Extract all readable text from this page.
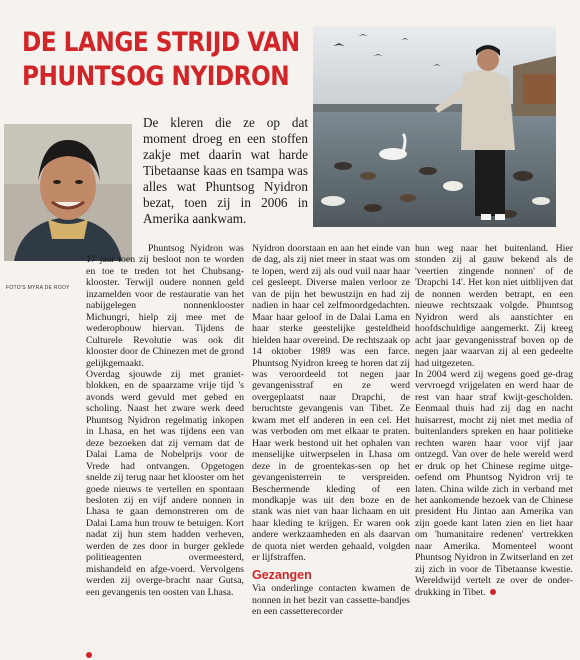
DE LANGE STRIJD VAN
PHUNTSOG NYIDRON

FOTO'S MYRA DE ROOY

De kleren die ze op dat moment droeg en een stoffen zakje met daarin wat harde Tibetaanse kaas en tsampa was alles wat Phuntsog Nyidron bezat, toen zij in 2006 in Amerika aankwam.

Phuntsog Nyidron was 17 jaar toen zij besloot non te worden en toe te treden tot het Chubsang-klooster. Terwijl oudere nonnen geld inzamelden voor de restauratie van het nabijgelegen nonnenklooster Michungri, hielp zij mee met de wederopbouw hiervan. Tijdens de Culturele Revolutie was ook dit klooster door de Chinezen met de grond gelijkgemaakt.

Overdag sjouwde zij met graniet-blokken, en de spaarzame vrije tijd 's avonds werd gevuld met gebed en scholing. Naast het zware werk deed Phuntsog Nyidron regelmatig inkopen in Lhasa, en het was tijdens een van deze bezoeken dat zij vernam dat de Dalai Lama de Nobelprijs voor de Vrede had ontvangen. Opgetogen snelde zij terug naar het klooster om het goede nieuws te vertellen en spontaan besloten zij en vijf andere nonnen in Lhasa te gaan demonstreren om de Dalai Lama hun trouw te betuigen. Kort nadat zij hun stem hadden verheven, werden de zes door in burger geklede politieagenten overmeesterd, mishandeld en afge-voerd. Vervolgens werden zij overge-bracht naar Gutsa, een gevangenis ten oosten van Lhasa.

Nyidron doorstaan en aan het einde van de dag, als zij niet meer in staat was om te lopen, werd zij als oud vuil naar haar cel gesleept. Diverse malen verloor ze van de pijn het bewustzijn en had zij nadien in haar cel zelfmoordgedachten. Maar haar geloof in de Dalai Lama en haar sterke geestelijke gesteldheid hielden haar overeind. De rechtszaak op 14 oktober 1989 was een farce. Phuntsog Nyidron kreeg te horen dat zij was veroordeeld tot negen jaar gevangenisstraf en ze werd overgeplaatst naar Drapchi, de beruchtste gevangenis van Tibet. Ze kwam met elf anderen in een cel. Het was verboden om met elkaar te praten. Haar werk bestond uit het ophalen van menselijke uitwerpselen in Lhasa om deze in de groentekas-sen op het gevangenisterrein te verspreiden. Beschermende kleding of een mondkapje was uit den boze en de stank was niet van haar lichaam en uit haar kleding te krijgen. Er waren ook andere werkzaamheden en als daarvan de quota niet werden gehaald, volgden er lijfstraffen.

Gezangen

Via onderlinge contacten kwamen de nonnen in het bezit van cassette-bandjes en een cassetterecorder

hun weg naar het buitenland. Hier stonden zij al gauw bekend als de 'veertien zingende nonnen' of de 'Drapchi 14'. Het kon niet uitblijven dat de nonnen werden betrapt, en een nieuwe rechtszaak volgde. Phuntsog Nyidron werd als aanstichter en hoofdschuldige aangemerkt. Zij kreeg acht jaar gevangenisstraf boven op de negen jaar waarvan zij al een gedeelte had uitgezeten.

In 2004 werd zij wegens goed ge-drag vervroegd vrijgelaten en werd haar de rest van haar straf kwijt-gescholden. Eenmaal thuis had zij dag en nacht huisarrest, mocht zij niet met media of buitenlanders spreken en haar politieke rechten waren haar voor vijf jaar ontzegd. Van over de hele wereld werd er druk op het Chinese regime uitge-oefend om Phuntsog Nyidron vrij te laten. China wilde zich in verband met het aankomende bezoek van de Chinese president Hu Jintao aan Amerika van zijn goede kant laten zien en liet haar om 'humanitaire redenen' vertrekken naar Amerika. Momenteel woont Phuntsog Nyidron in Zwitserland en zet zij zich in voor de Tibetaanse kwestie. Wereldwijd vertelt ze over de onder-drukking in Tibet.
